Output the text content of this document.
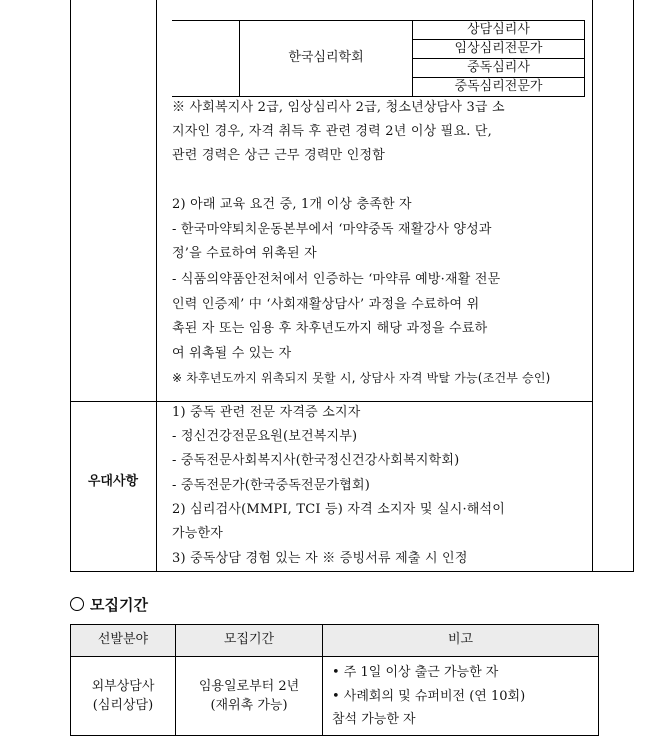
한국심리학회
상담심리사
임상심리전문가
중독심리사
중독심리전문가
※ 사회복지사 2급, 임상심리사 2급, 청소년상담사 3급 소
지자인 경우, 자격 취득 후 관련 경력 2년 이상 필요. 단,
관련 경력은 상근 근무 경력만 인정함
2) 아래 교육 요건 중, 1개 이상 충족한 자
- 한국마약퇴치운동본부에서 ‘마약중독 재활강사 양성과
정’을 수료하여 위촉된 자
- 식품의약품안전처에서 인증하는 ‘마약류 예방·재활 전문
인력 인증제’ 中 ‘사회재활상담사’ 과정을 수료하여 위
촉된 자 또는 임용 후 차후년도까지 해당 과정을 수료하
여 위촉될 수 있는 자
※ 차후년도까지 위촉되지 못할 시, 상담사 자격 박탈 가능(조건부 승인)
우대사항
1) 중독 관련 전문 자격증 소지자
- 정신건강전문요원(보건복지부)
- 중독전문사회복지사(한국정신건강사회복지학회)
- 중독전문가(한국중독전문가협회)
2) 심리검사(MMPI, TCI 등) 자격 소지자 및 실시·해석이
가능한자
3) 중독상담 경험 있는 자 ※ 증빙서류 제출 시 인정
모집기간
선발분야	모집기간	비고
외부상담사
(심리상담)
임용일로부터 2년
(재위촉 가능)
• 주 1일 이상 출근 가능한 자
• 사례회의 및 슈퍼비전 (연 10회)
참석 가능한 자
